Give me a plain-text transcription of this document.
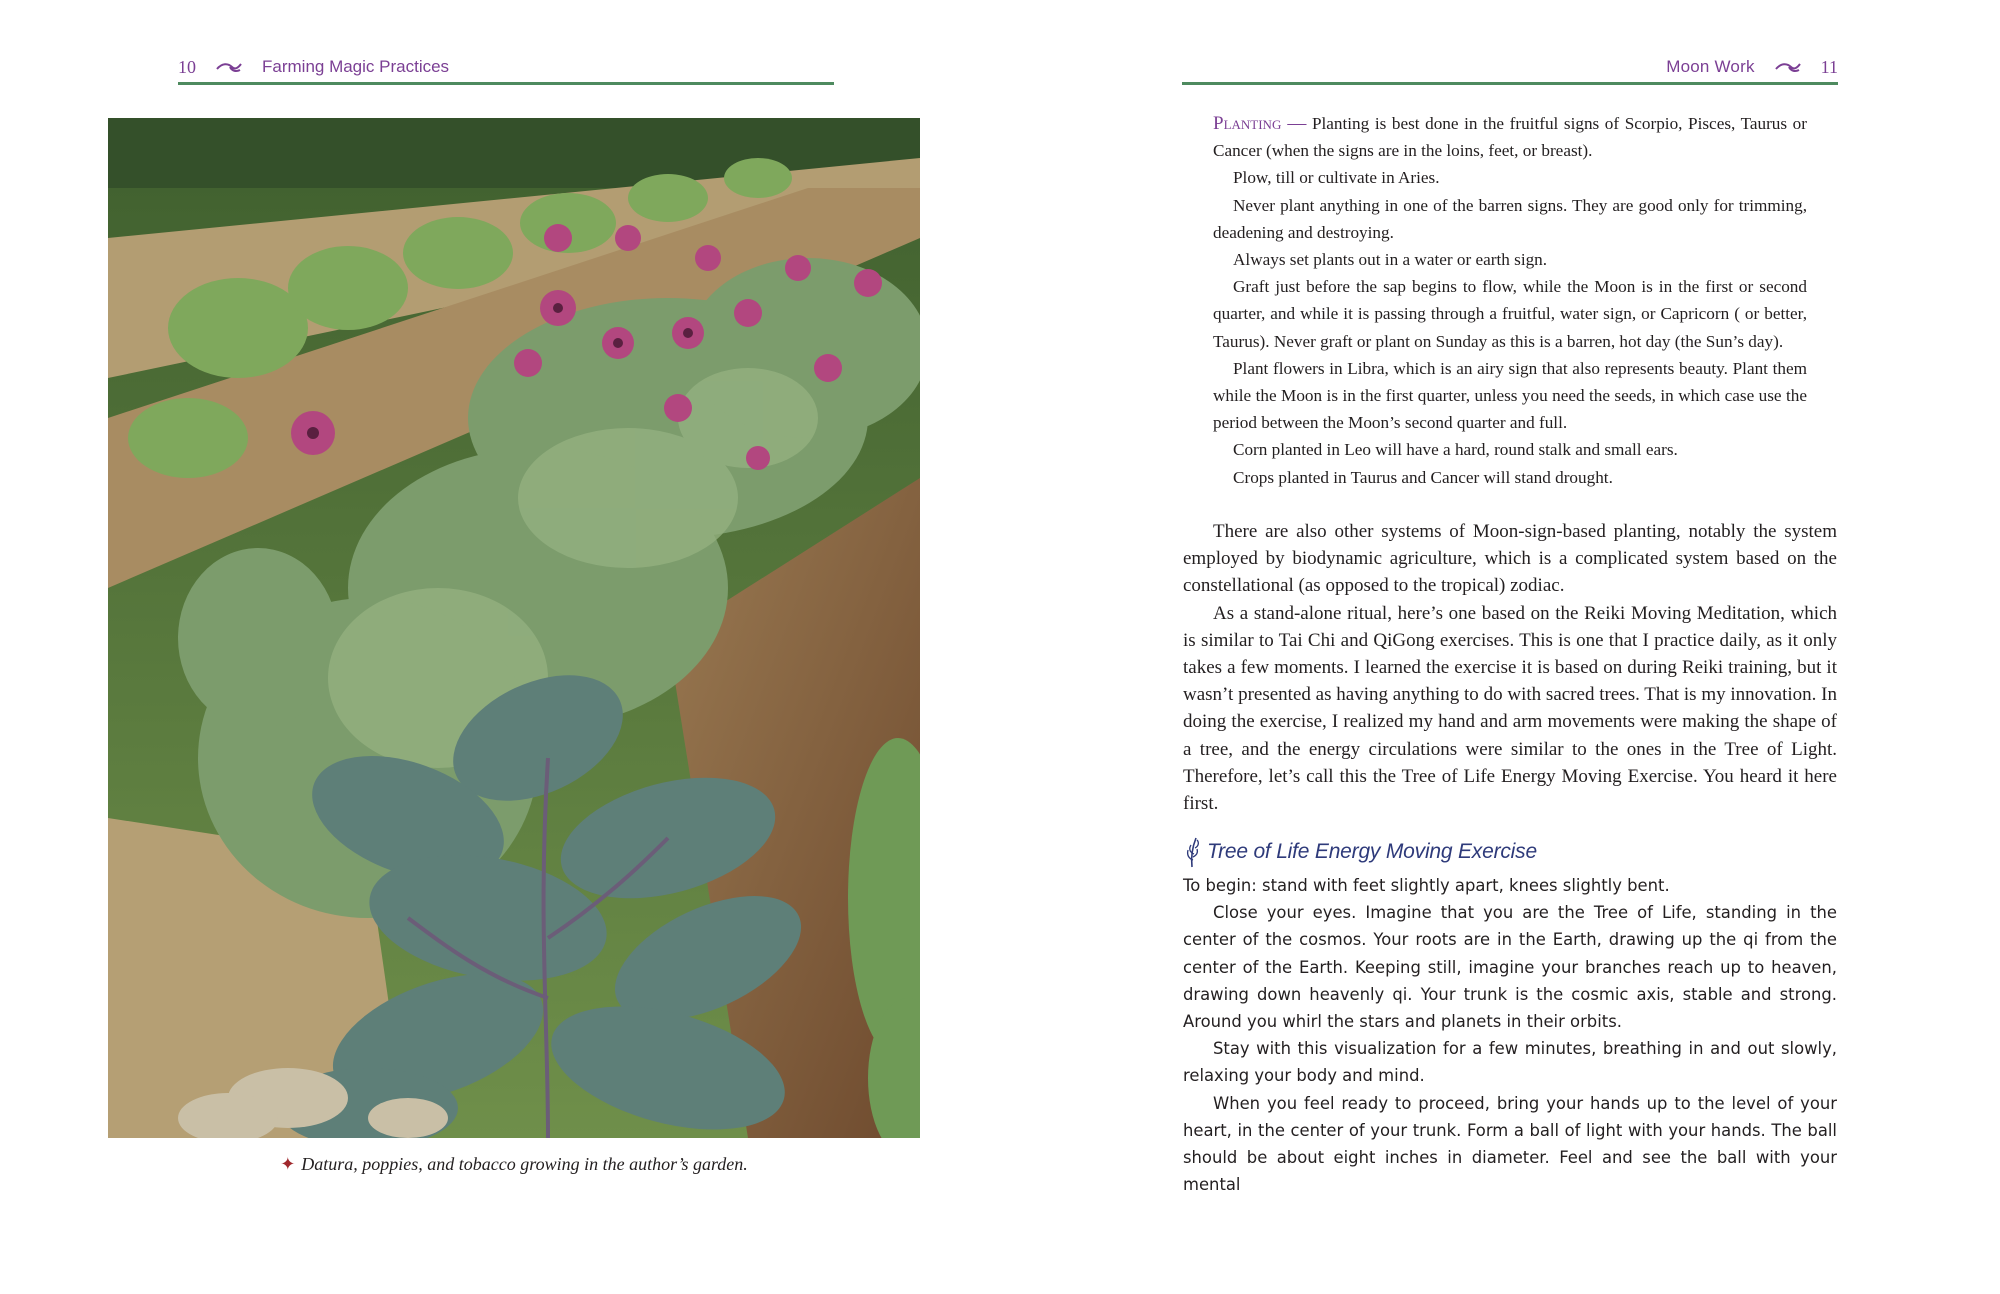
10	Farming Magic Practices	Moon Work	11
✦ Datura, poppies, and tobacco growing in the author’s garden.

Planting — Planting is best done in the fruitful signs of Scorpio, Pisces, Taurus or Cancer (when the signs are in the loins, feet, or breast).

Plow, till or cultivate in Aries.

Never plant anything in one of the barren signs. They are good only for trimming, deadening and destroying.

Always set plants out in a water or earth sign.

Graft just before the sap begins to flow, while the Moon is in the first or second quarter, and while it is passing through a fruitful, water sign, or Capricorn ( or better, Taurus). Never graft or plant on Sunday as this is a barren, hot day (the Sun’s day).

Plant flowers in Libra, which is an airy sign that also represents beauty. Plant them while the Moon is in the first quarter, unless you need the seeds, in which case use the period between the Moon’s second quarter and full.

Corn planted in Leo will have a hard, round stalk and small ears.

Crops planted in Taurus and Cancer will stand drought.

There are also other systems of Moon-sign-based planting, notably the system employed by biodynamic agriculture, which is a complicated system based on the constellational (as opposed to the tropical) zodiac.

As a stand-alone ritual, here’s one based on the Reiki Moving Meditation, which is similar to Tai Chi and QiGong exercises. This is one that I practice daily, as it only takes a few moments. I learned the exercise it is based on during Reiki training, but it wasn’t presented as having anything to do with sacred trees. That is my innovation. In doing the exercise, I realized my hand and arm movements were making the shape of a tree, and the energy circulations were similar to the ones in the Tree of Light. Therefore, let’s call this the Tree of Life Energy Moving Exercise. You heard it here first.

Tree of Life Energy Moving Exercise

To begin: stand with feet slightly apart, knees slightly bent.

Close your eyes. Imagine that you are the Tree of Life, standing in the center of the cosmos. Your roots are in the Earth, drawing up the qi from the center of the Earth. Keeping still, imagine your branches reach up to heaven, drawing down heavenly qi. Your trunk is the cosmic axis, stable and strong. Around you whirl the stars and planets in their orbits.

Stay with this visualization for a few minutes, breathing in and out slowly, relaxing your body and mind.

When you feel ready to proceed, bring your hands up to the level of your heart, in the center of your trunk. Form a ball of light with your hands. The ball should be about eight inches in diameter. Feel and see the ball with your mental
